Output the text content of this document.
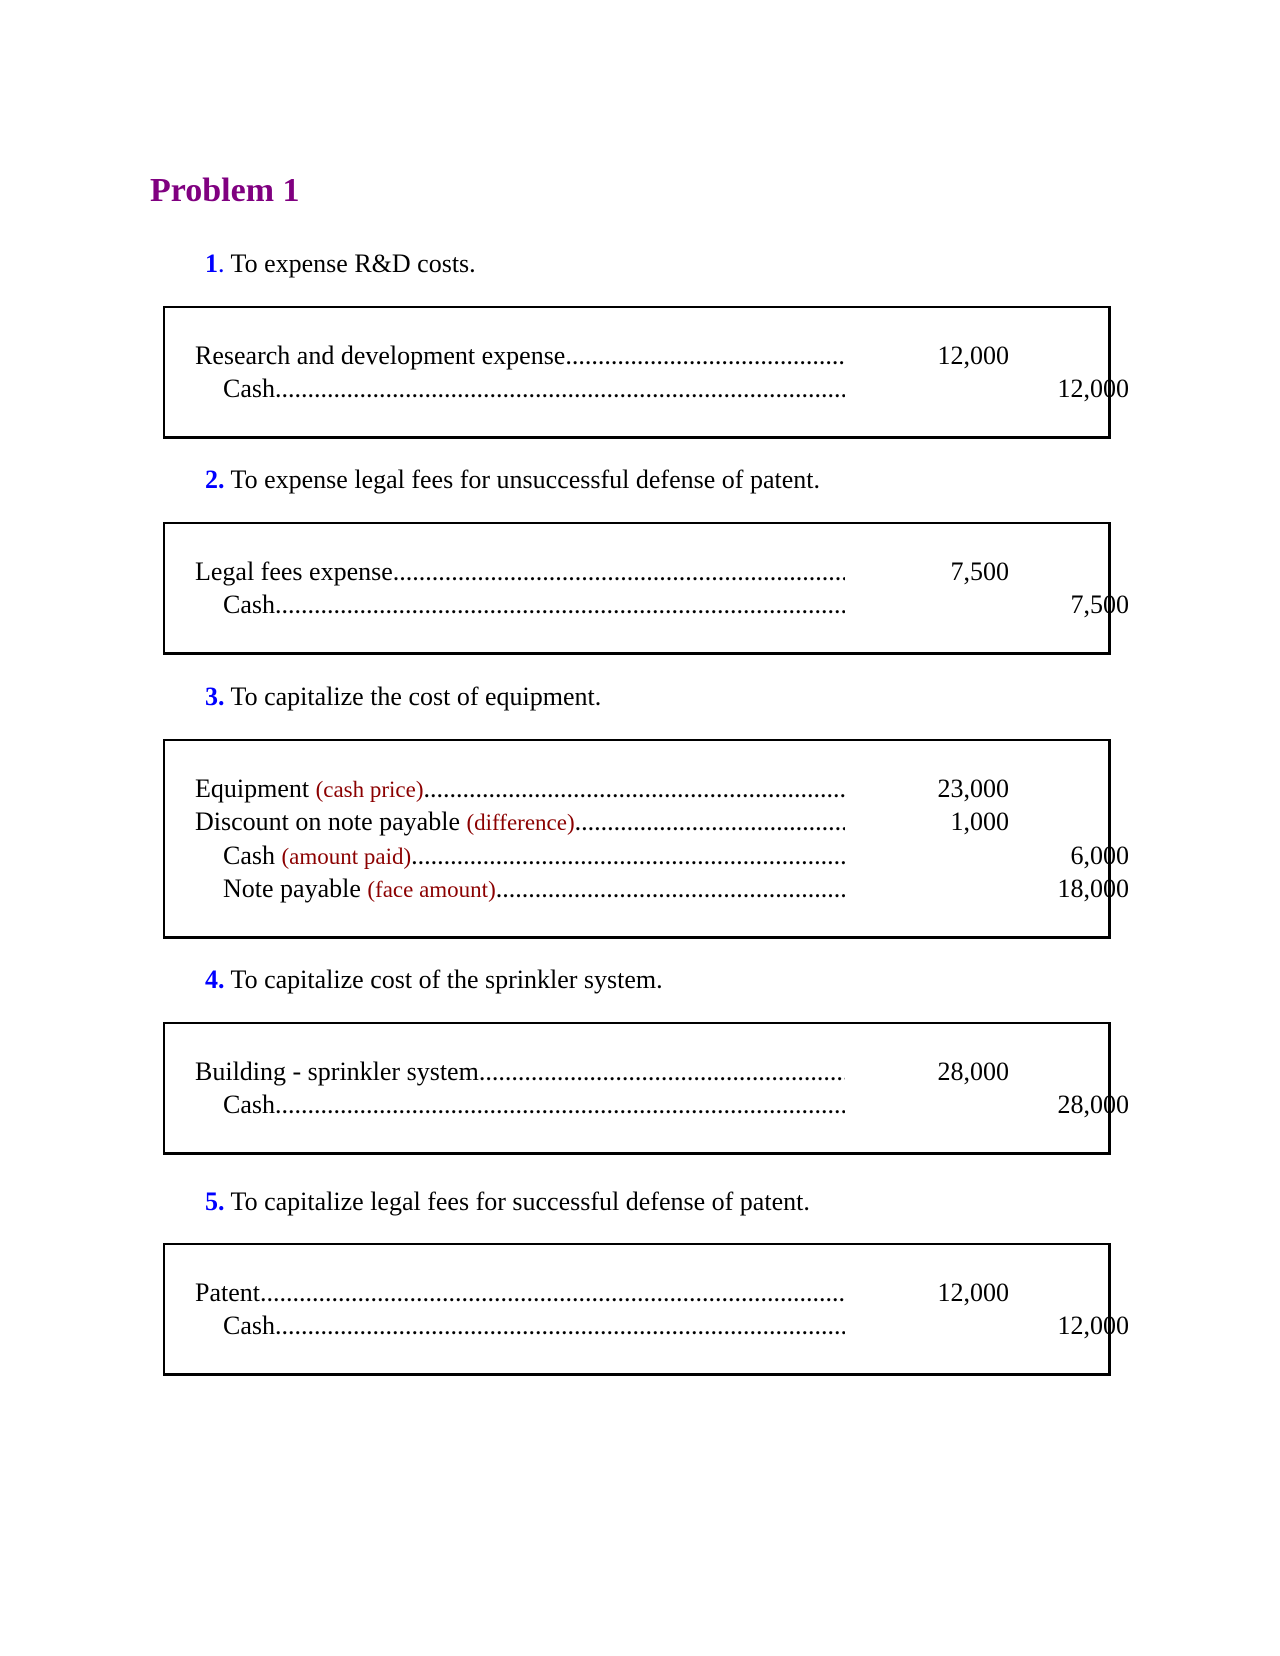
Problem 1
1. To expense R&D costs.
Research and development expense .....	12,000
Cash .....	12,000
2. To expense legal fees for unsuccessful defense of patent.
Legal fees expense .....	7,500
Cash .....	7,500
3. To capitalize the cost of equipment.
Equipment (cash price) .....	23,000
Discount on note payable (difference) .....	1,000
Cash (amount paid) .....	6,000
Note payable (face amount) .....	18,000
4. To capitalize cost of the sprinkler system.
Building - sprinkler system .....	28,000
Cash .....	28,000
5. To capitalize legal fees for successful defense of patent.
Patent .....	12,000
Cash .....	12,000
